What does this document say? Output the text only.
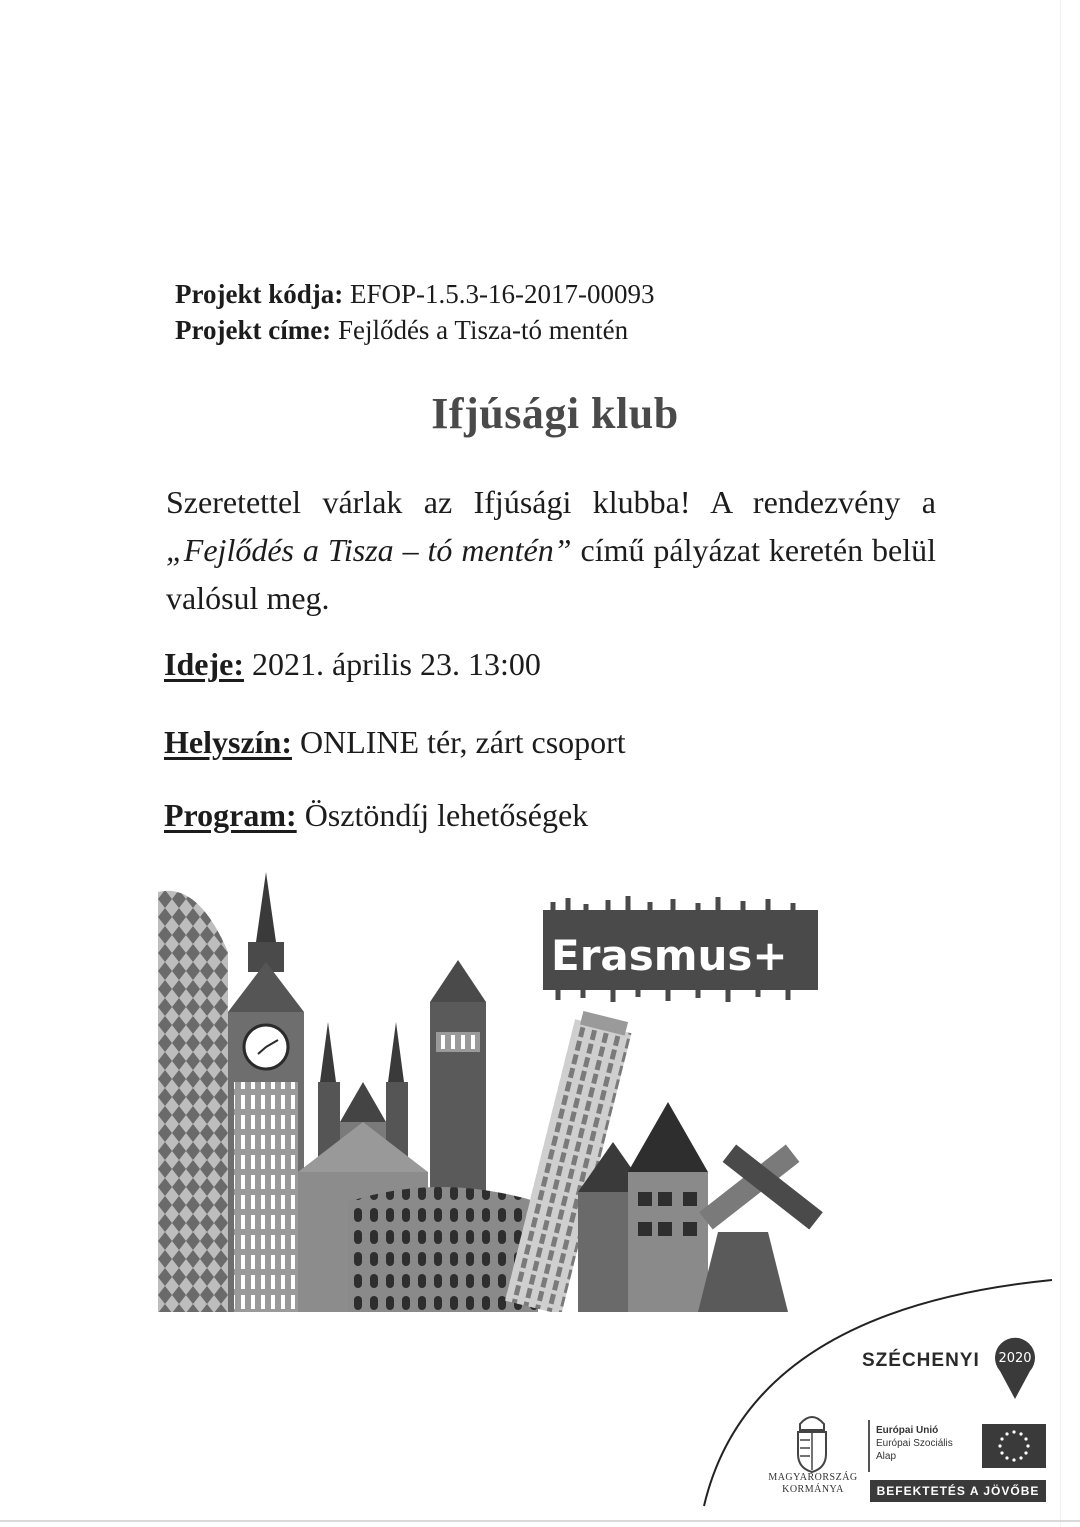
Projekt kódja: EFOP-1.5.3-16-2017-00093
Projekt címe: Fejlődés a Tisza-tó mentén
Ifjúsági klub
Szeretettel várlak az Ifjúsági klubba! A rendezvény a „Fejlődés a Tisza – tó mentén” című pályázat keretén belül valósul meg.
Ideje: 2021. április 23. 13:00
Helyszín: ONLINE tér, zárt csoport
Program: Ösztöndíj lehetőségek
Erasmus+
SZÉCHENYI 2020
MAGYARORSZÁG
KORMÁNYA
Európai Unió
Európai Szociális
Alap
BEFEKTETÉS A JÖVŐBE
